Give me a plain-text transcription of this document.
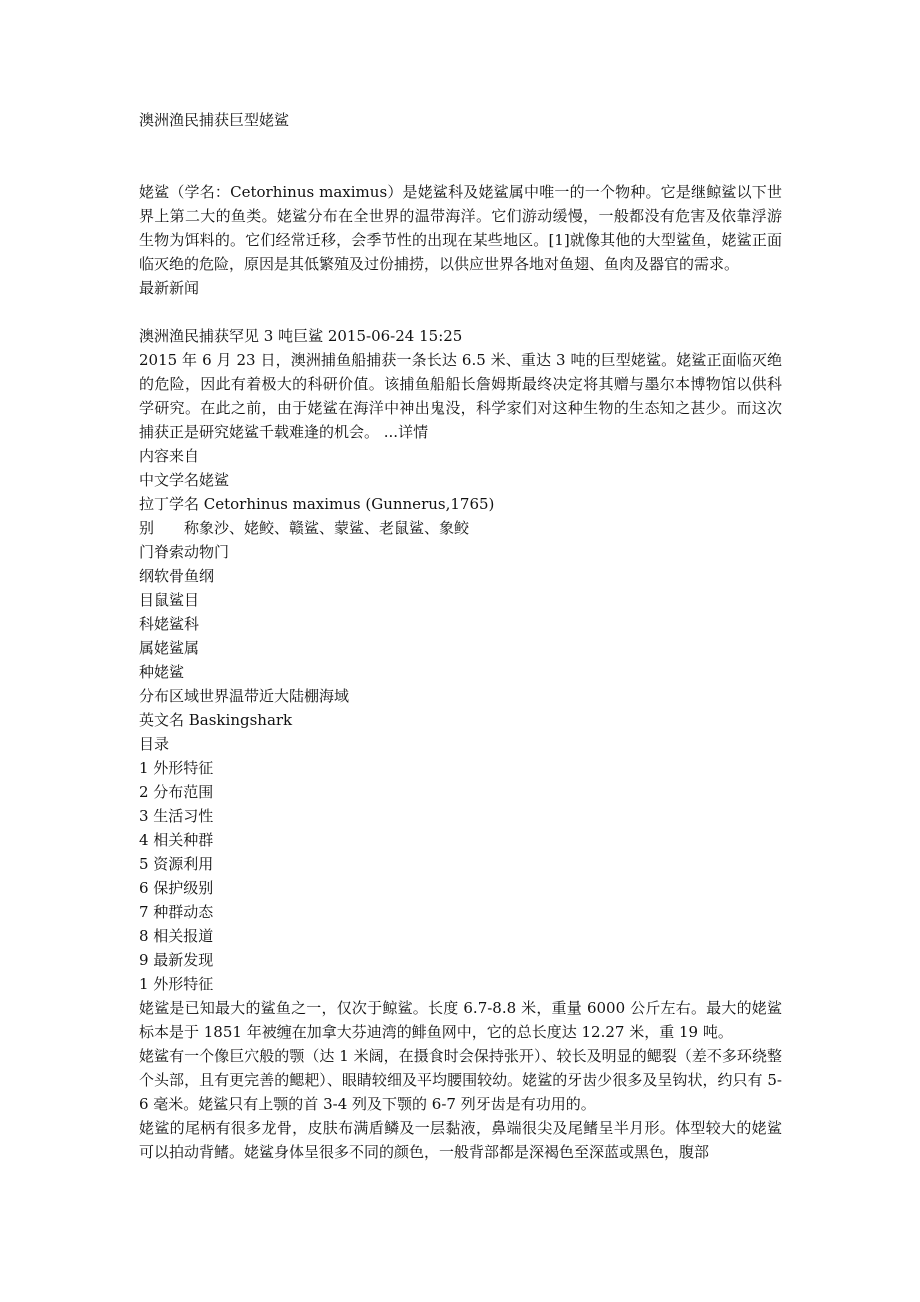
澳洲渔民捕获巨型姥鲨
姥鲨（学名：Cetorhinus maximus）是姥鲨科及姥鲨属中唯一的一个物种。它是继鲸鲨以下世界上第二大的鱼类。姥鲨分布在全世界的温带海洋。它们游动缓慢，一般都没有危害及依靠浮游生物为饵料的。它们经常迁移，会季节性的出现在某些地区。[1]就像其他的大型鲨鱼，姥鲨正面临灭绝的危险，原因是其低繁殖及过份捕捞，以供应世界各地对鱼翅、鱼肉及器官的需求。
最新新闻
澳洲渔民捕获罕见 3 吨巨鲨 2015-06-24 15:25
2015 年 6 月 23 日，澳洲捕鱼船捕获一条长达 6.5 米、重达 3 吨的巨型姥鲨。姥鲨正面临灭绝的危险，因此有着极大的科研价值。该捕鱼船船长詹姆斯最终决定将其赠与墨尔本博物馆以供科学研究。在此之前，由于姥鲨在海洋中神出鬼没，科学家们对这种生物的生态知之甚少。而这次捕获正是研究姥鲨千载难逢的机会。 ...详情
内容来自
中文学名姥鲨
拉丁学名 Cetorhinus maximus (Gunnerus,1765)
别　　称象沙、姥鲛、赣鲨、蒙鲨、老鼠鲨、象鲛
门脊索动物门
纲软骨鱼纲
目鼠鲨目
科姥鲨科
属姥鲨属
种姥鲨
分布区域世界温带近大陆棚海域
英文名 Baskingshark
目录
1 外形特征
2 分布范围
3 生活习性
4 相关种群
5 资源利用
6 保护级别
7 种群动态
8 相关报道
9 最新发现
1 外形特征
姥鲨是已知最大的鲨鱼之一，仅次于鲸鲨。长度 6.7-8.8 米，重量 6000 公斤左右。最大的姥鲨标本是于 1851 年被缠在加拿大芬迪湾的鲱鱼网中，它的总长度达 12.27 米，重 19 吨。
姥鲨有一个像巨穴般的颚（达 1 米阔，在摄食时会保持张开）、较长及明显的鳃裂（差不多环绕整个头部，且有更完善的鳃耙）、眼睛较细及平均腰围较幼。姥鲨的牙齿少很多及呈钩状，约只有 5-6 毫米。姥鲨只有上颚的首 3-4 列及下颚的 6-7 列牙齿是有功用的。
姥鲨的尾柄有很多龙骨，皮肤布满盾鳞及一层黏液，鼻端很尖及尾鳍呈半月形。体型较大的姥鲨可以拍动背鳍。姥鲨身体呈很多不同的颜色，一般背部都是深褐色至深蓝或黑色，腹部
